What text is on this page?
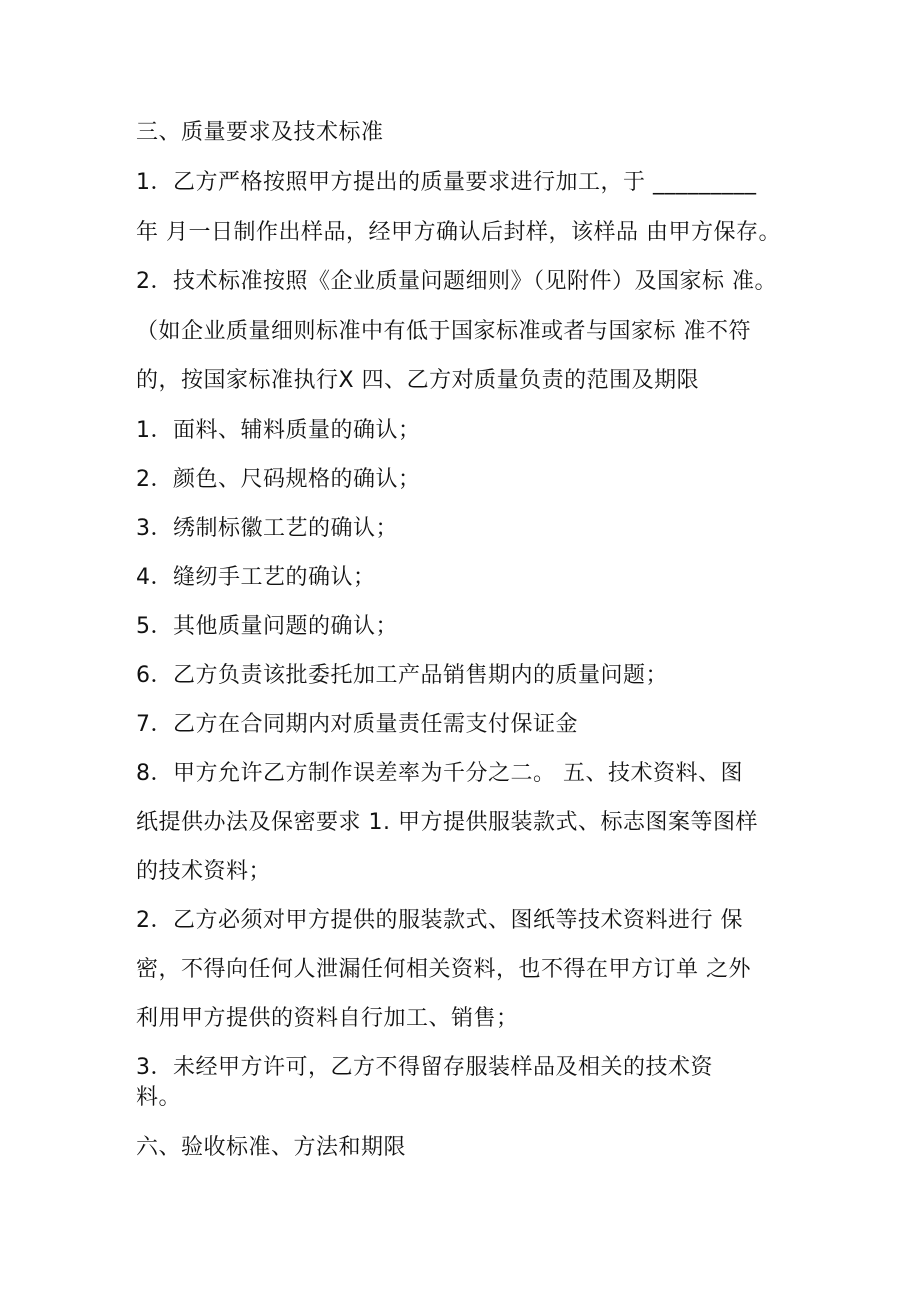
三、质量要求及技术标准
1．乙方严格按照甲方提出的质量要求进行加工，于 _________
年 月一日制作出样品，经甲方确认后封样，该样品 由甲方保存。
2．技术标准按照《企业质量问题细则》（见附件）及国家标 准。
（如企业质量细则标准中有低于国家标准或者与国家标 准不符
的，按国家标准执行X 四、乙方对质量负责的范围及期限
1．面料、辅料质量的确认；
2．颜色、尺码规格的确认；
3．绣制标徽工艺的确认；
4．缝纫手工艺的确认；
5．其他质量问题的确认；
6．乙方负责该批委托加工产品销售期内的质量问题；
7．乙方在合同期内对质量责任需支付保证金
8．甲方允许乙方制作误差率为千分之二。 五、技术资料、图
纸提供办法及保密要求 1. 甲方提供服装款式、标志图案等图样
的技术资料；
2．乙方必须对甲方提供的服装款式、图纸等技术资料进行 保
密，不得向任何人泄漏任何相关资料，也不得在甲方订单 之外
利用甲方提供的资料自行加工、销售；
3．未经甲方许可，乙方不得留存服装样品及相关的技术资
料。
六、验收标准、方法和期限
